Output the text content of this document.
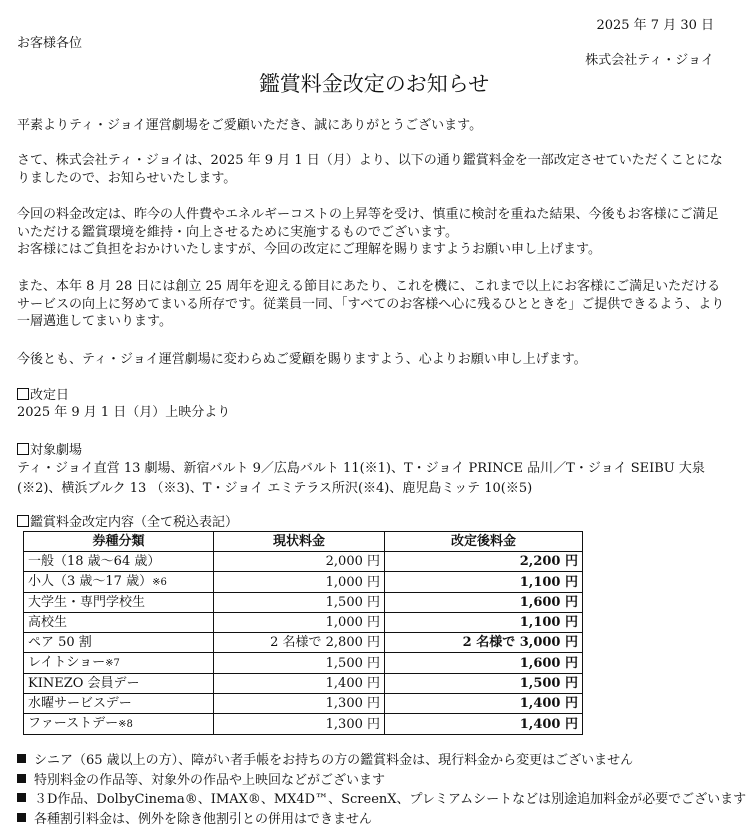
2025 年 7 月 30 日
お客様各位
株式会社ティ・ジョイ
鑑賞料金改定のお知らせ
平素よりティ・ジョイ運営劇場をご愛顧いただき、誠にありがとうございます。
さて、株式会社ティ・ジョイは、2025 年 9 月 1 日（月）より、以下の通り鑑賞料金を一部改定させていただくことになりましたので、お知らせいたします。
今回の料金改定は、昨今の人件費やエネルギーコストの上昇等を受け、慎重に検討を重ねた結果、今後もお客様にご満足いただける鑑賞環境を維持・向上させるために実施するものでございます。
お客様にはご負担をおかけいたしますが、今回の改定にご理解を賜りますようお願い申し上げます。
また、本年 8 月 28 日には創立 25 周年を迎える節目にあたり、これを機に、これまで以上にお客様にご満足いただけるサービスの向上に努めてまいる所存です。従業員一同、「すべてのお客様へ心に残るひとときを」ご提供できるよう、より一層邁進してまいります。
今後とも、ティ・ジョイ運営劇場に変わらぬご愛顧を賜りますよう、心よりお願い申し上げます。
改定日
2025 年 9 月 1 日（月）上映分より
対象劇場
ティ・ジョイ直営 13 劇場、新宿バルト 9／広島バルト 11(※1)、T・ジョイ PRINCE 品川／T・ジョイ SEIBU 大泉
(※2)、横浜ブルク 13 （※3)、T・ジョイ エミテラス所沢(※4)、鹿児島ミッテ 10(※5)
鑑賞料金改定内容（全て税込表記）
券種分類	現状料金	改定後料金
一般（18 歳～64 歳）	2,000 円	2,200 円
小人（3 歳～17 歳）※6	1,000 円	1,100 円
大学生・専門学校生	1,500 円	1,600 円
高校生	1,000 円	1,100 円
ペア 50 割	2 名様で 2,800 円	2 名様で 3,000 円
レイトショー※7	1,500 円	1,600 円
KINEZO 会員デー	1,400 円	1,500 円
水曜サービスデー	1,300 円	1,400 円
ファーストデー※8	1,300 円	1,400 円
シニア（65 歳以上の方）、障がい者手帳をお持ちの方の鑑賞料金は、現行料金から変更はございません
特別料金の作品等、対象外の作品や上映回などがございます
３D作品、DolbyCinema®、IMAX®、MX4D™、ScreenX、プレミアムシートなどは別途追加料金が必要でございます
各種割引料金は、例外を除き他割引との併用はできません
